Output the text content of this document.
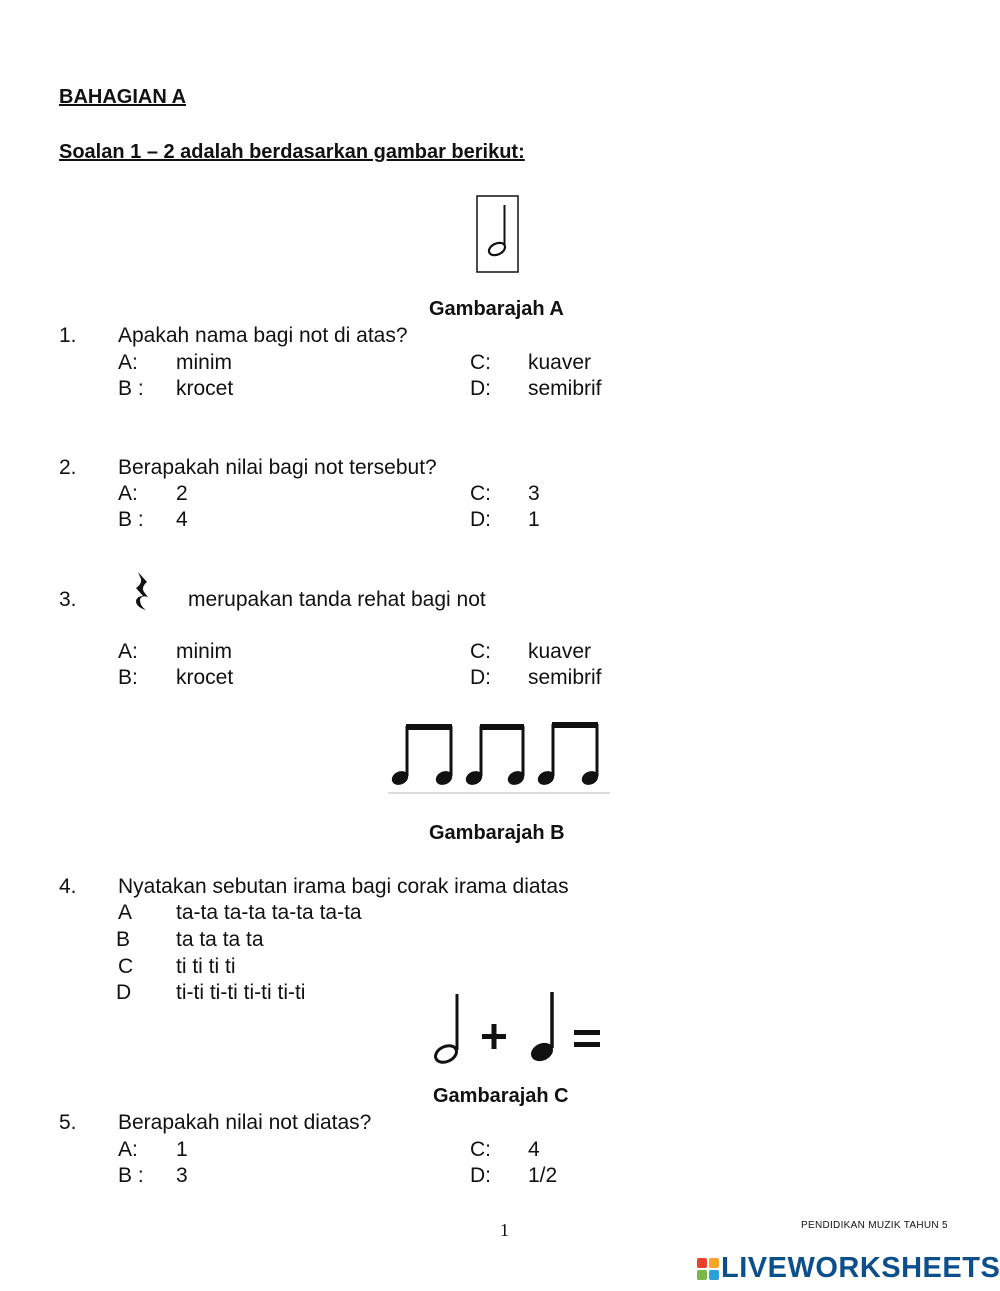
BAHAGIAN A
Soalan 1 – 2 adalah berdasarkan gambar berikut:
Gambarajah A
1. Apakah nama bagi not di atas?
A: minim	C: kuaver
B : krocet	D: semibrif
2. Berapakah nilai bagi not tersebut?
A: 2	C: 3
B : 4	D: 1
3.	merupakan tanda rehat bagi not
A: minim	C: kuaver
B: krocet	D: semibrif
Gambarajah B
4. Nyatakan sebutan irama bagi corak irama diatas
A ta-ta ta-ta ta-ta ta-ta
B ta ta ta ta
C ti ti ti ti
D ti-ti ti-ti ti-ti ti-ti
Gambarajah C
5. Berapakah nilai not diatas?
A: 1	C: 4
B : 3	D: 1/2
1	PENDIDIKAN MUZIK TAHUN 5
LIVEWORKSHEETS
